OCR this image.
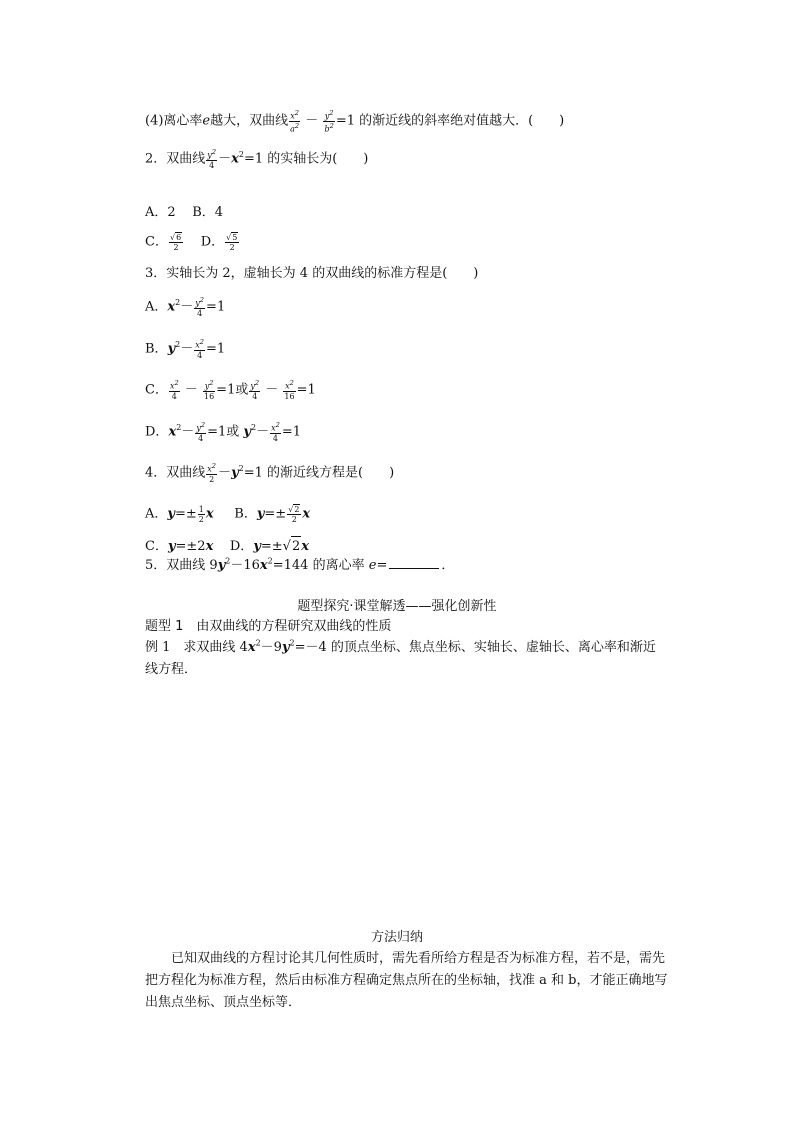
(4)离心率e越大，双曲线 $\frac{x^2}{a^2} - \frac{y^2}{b^2} =1$ 的渐近线的斜率绝对值越大．(　　)
2．双曲线 $\frac{y^2}{4} -x^2=1$ 的实轴长为(　　)
A．2 B．4
C． $\frac{√6}{2}$ D． $\frac{√5}{2}$
3．实轴长为 2，虚轴长为 4 的双曲线的标准方程是(　　)
A．$x^2- \frac{y^2}{4} =1$
B．$y^2- \frac{x^2}{4} =1$
C． $\frac{x^2}{4} - \frac{y^2}{16} =1$或 $\frac{y^2}{4} - \frac{x^2}{16} =1$
D．$x^2- \frac{y^2}{4} =1$或 $y^2- \frac{x^2}{4} =1$
4．双曲线 $\frac{x^2}{2} -y^2=1$ 的渐近线方程是(　　)
A．$y=\pm \frac{1}{2}$ x B．$y=\pm \frac{√2}{2}$ x
C．y=±2x D．y=±√2x
5．双曲线 $9y^2-16x^2=144$ 的离心率 e=	．
题型探究·课堂解透——强化创新性
题型 1　由双曲线的方程研究双曲线的性质
例 1　求双曲线 $4x^2-9y^2=-4$ 的顶点坐标、焦点坐标、实轴长、虚轴长、离心率和渐近
线方程．
方法归纳
已知双曲线的方程讨论其几何性质时，需先看所给方程是否为标准方程，若不是，需先把方程化为标准方程，然后由标准方程确定焦点所在的坐标轴，找准 a 和 b，才能正确地写出焦点坐标、顶点坐标等．
